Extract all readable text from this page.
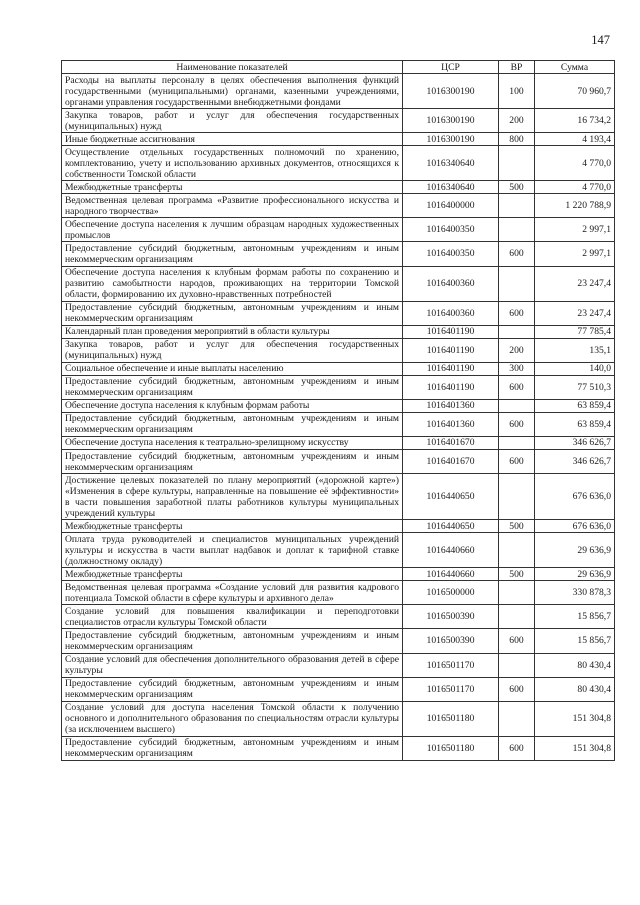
147
Наименование показателей	ЦСР	ВР	Сумма
Расходы на выплаты персоналу в целях обеспечения выполнения функций государственными (муниципальными) органами, казенными учреждениями, органами управления государственными внебюджетными фондами	1016300190	100	70 960,7
Закупка товаров, работ и услуг для обеспечения государственных (муниципальных) нужд	1016300190	200	16 734,2
Иные бюджетные ассигнования	1016300190	800	4 193,4
Осуществление отдельных государственных полномочий по хранению, комплектованию, учету и использованию архивных документов, относящихся к собственности Томской области	1016340640		4 770,0
Межбюджетные трансферты	1016340640	500	4 770,0
Ведомственная целевая программа «Развитие профессионального искусства и народного творчества»	1016400000		1 220 788,9
Обеспечение доступа населения к лучшим образцам народных художественных промыслов	1016400350		2 997,1
Предоставление субсидий бюджетным, автономным учреждениям и иным некоммерческим организациям	1016400350	600	2 997,1
Обеспечение доступа населения к клубным формам работы по сохранению и развитию самобытности народов, проживающих на территории Томской области, формированию их духовно-нравственных потребностей	1016400360		23 247,4
Предоставление субсидий бюджетным, автономным учреждениям и иным некоммерческим организациям	1016400360	600	23 247,4
Календарный план проведения мероприятий в области культуры	1016401190		77 785,4
Закупка товаров, работ и услуг для обеспечения государственных (муниципальных) нужд	1016401190	200	135,1
Социальное обеспечение и иные выплаты населению	1016401190	300	140,0
Предоставление субсидий бюджетным, автономным учреждениям и иным некоммерческим организациям	1016401190	600	77 510,3
Обеспечение доступа населения к клубным формам работы	1016401360		63 859,4
Предоставление субсидий бюджетным, автономным учреждениям и иным некоммерческим организациям	1016401360	600	63 859,4
Обеспечение доступа населения к театрально-зрелищному искусству	1016401670		346 626,7
Предоставление субсидий бюджетным, автономным учреждениям и иным некоммерческим организациям	1016401670	600	346 626,7
Достижение целевых показателей по плану мероприятий («дорожной карте») «Изменения в сфере культуры, направленные на повышение её эффективности» в части повышения заработной платы работников культуры муниципальных учреждений культуры	1016440650		676 636,0
Межбюджетные трансферты	1016440650	500	676 636,0
Оплата труда руководителей и специалистов муниципальных учреждений культуры и искусства в части выплат надбавок и доплат к тарифной ставке (должностному окладу)	1016440660		29 636,9
Межбюджетные трансферты	1016440660	500	29 636,9
Ведомственная целевая программа «Создание условий для развития кадрового потенциала Томской области в сфере культуры и архивного дела»	1016500000		330 878,3
Создание условий для повышения квалификации и переподготовки специалистов отрасли культуры Томской области	1016500390		15 856,7
Предоставление субсидий бюджетным, автономным учреждениям и иным некоммерческим организациям	1016500390	600	15 856,7
Создание условий для обеспечения дополнительного образования детей в сфере культуры	1016501170		80 430,4
Предоставление субсидий бюджетным, автономным учреждениям и иным некоммерческим организациям	1016501170	600	80 430,4
Создание условий для доступа населения Томской области к получению основного и дополнительного образования по специальностям отрасли культуры (за исключением высшего)	1016501180		151 304,8
Предоставление субсидий бюджетным, автономным учреждениям и иным некоммерческим организациям	1016501180	600	151 304,8
